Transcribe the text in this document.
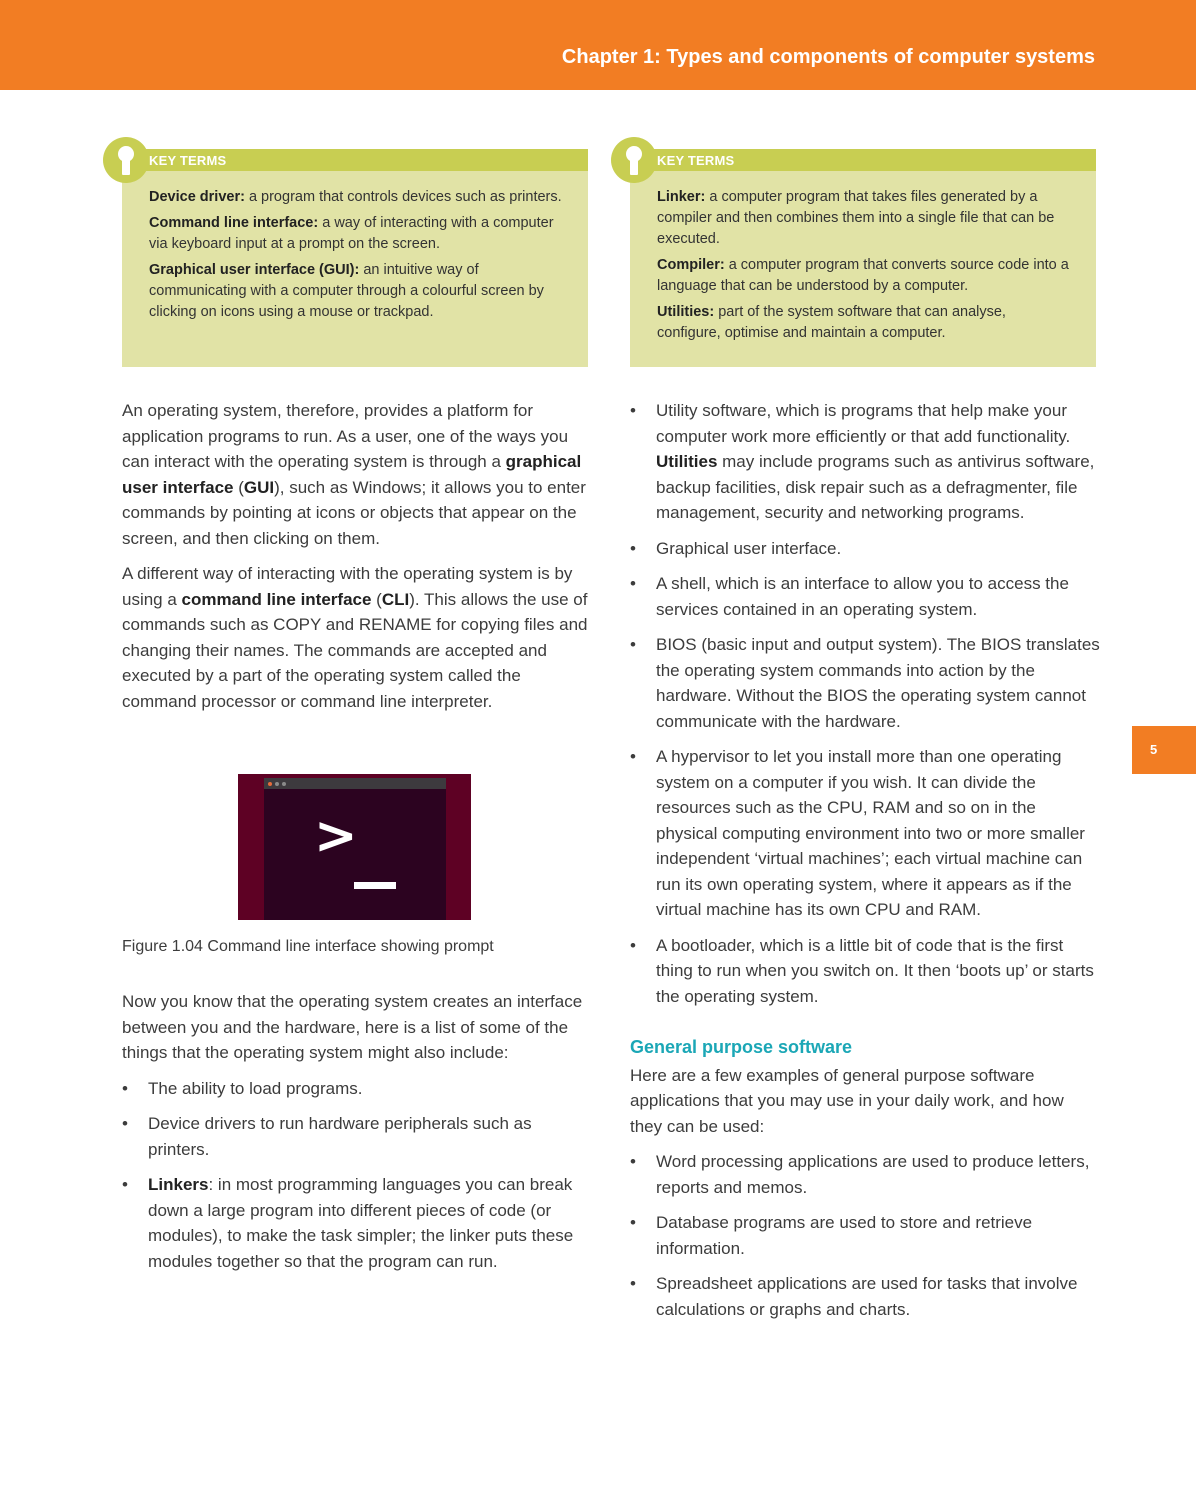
Chapter 1: Types and components of computer systems
KEY TERMS
Device driver: a program that controls devices such as printers.
Command line interface: a way of interacting with a computer via keyboard input at a prompt on the screen.
Graphical user interface (GUI): an intuitive way of communicating with a computer through a colourful screen by clicking on icons using a mouse or trackpad.
KEY TERMS
Linker: a computer program that takes files generated by a compiler and then combines them into a single file that can be executed.
Compiler: a computer program that converts source code into a language that can be understood by a computer.
Utilities: part of the system software that can analyse, configure, optimise and maintain a computer.

An operating system, therefore, provides a platform for application programs to run. As a user, one of the ways you can interact with the operating system is through a graphical user interface (GUI), such as Windows; it allows you to enter commands by pointing at icons or objects that appear on the screen, and then clicking on them.

A different way of interacting with the operating system is by using a command line interface (CLI). This allows the use of commands such as COPY and RENAME for copying files and changing their names. The commands are accepted and executed by a part of the operating system called the command processor or command line interpreter.

>
Figure 1.04 Command line interface showing prompt

Now you know that the operating system creates an interface between you and the hardware, here is a list of some of the things that the operating system might also include:

• The ability to load programs.
• Device drivers to run hardware peripherals such as printers.
• Linkers: in most programming languages you can break down a large program into different pieces of code (or modules), to make the task simpler; the linker puts these modules together so that the program can run.
• Utility software, which is programs that help make your computer work more efficiently or that add functionality. Utilities may include programs such as antivirus software, backup facilities, disk repair such as a defragmenter, file management, security and networking programs.
• Graphical user interface.
• A shell, which is an interface to allow you to access the services contained in an operating system.
• BIOS (basic input and output system). The BIOS translates the operating system commands into action by the hardware. Without the BIOS the operating system cannot communicate with the hardware.
• A hypervisor to let you install more than one operating system on a computer if you wish. It can divide the resources such as the CPU, RAM and so on in the physical computing environment into two or more smaller independent ‘virtual machines’; each virtual machine can run its own operating system, where it appears as if the virtual machine has its own CPU and RAM.
• A bootloader, which is a little bit of code that is the first thing to run when you switch on. It then ‘boots up’ or starts the operating system.
General purpose software

Here are a few examples of general purpose software applications that you may use in your daily work, and how they can be used:

• Word processing applications are used to produce letters, reports and memos.
• Database programs are used to store and retrieve information.
• Spreadsheet applications are used for tasks that involve calculations or graphs and charts.
5
